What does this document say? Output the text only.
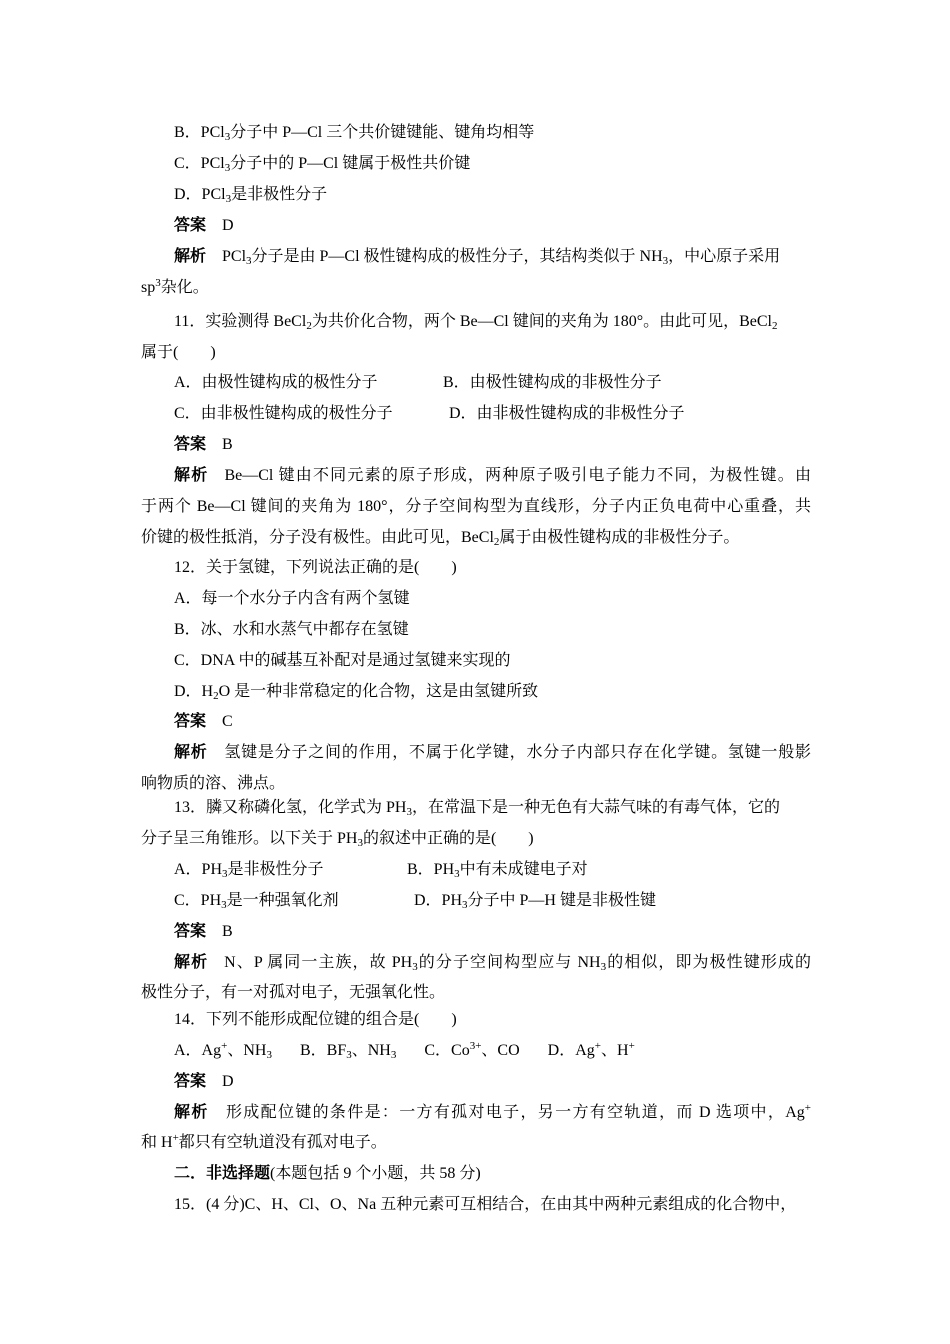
B．PCl$_3$分子中 P—Cl 三个共价键键能、键角均相等
C．PCl$_3$分子中的 P—Cl 键属于极性共价键
D．PCl$_3$是非极性分子
答案  D
解析  PCl$_3$分子是由 P—Cl 极性键构成的极性分子，其结构类似于 $NH_3$，中心原子采用
$sp^3$杂化。
11．实验测得 BeCl$_2$为共价化合物，两个 Be—Cl 键间的夹角为 180°。由此可见，BeCl$_2$
属于(　　)
A．由极性键构成的极性分子	B．由极性键构成的非极性分子
C．由非极性键构成的极性分子	D．由非极性键构成的非极性分子
答案  B
解析  Be—Cl 键由不同元素的原子形成，两种原子吸引电子能力不同，为极性键。由
于两个 Be—Cl 键间的夹角为 180°，分子空间构型为直线形，分子内正负电荷中心重叠，共
价键的极性抵消，分子没有极性。由此可见，BeCl$_2$属于由极性键构成的非极性分子。
12．关于氢键，下列说法正确的是(　　)
A．每一个水分子内含有两个氢键
B．冰、水和水蒸气中都存在氢键
C．DNA 中的碱基互补配对是通过氢键来实现的
D．$H_2O$ 是一种非常稳定的化合物，这是由氢键所致
答案  C
解析  氢键是分子之间的作用，不属于化学键，水分子内部只存在化学键。氢键一般影
响物质的溶、沸点。
13．膦又称磷化氢，化学式为 $PH_3$，在常温下是一种无色有大蒜气味的有毒气体，它的
分子呈三角锥形。以下关于 $PH_3$的叙述中正确的是(　　)
A．$PH_3$是非极性分子	B．$PH_3$中有未成键电子对
C．$PH_3$是一种强氧化剂	D．$PH_3$分子中 P—H 键是非极性键
答案  B
解析  N、P 属同一主族，故 $PH_3$的分子空间构型应与 $NH_3$的相似，即为极性键形成的
极性分子，有一对孤对电子，无强氧化性。
14．下列不能形成配位键的组合是(　　)
A．Ag+、$NH_3$   B．$BF_3$、$NH_3$   C．$Co^{3+}$、CO   D．Ag+、H+
答案  D
解析  形成配位键的条件是：一方有孤对电子，另一方有空轨道，而 D 选项中，Ag+
和 H+都只有空轨道没有孤对电子。
二．非选择题(本题包括 9 个小题，共 58 分)
15．(4 分)C、H、Cl、O、Na 五种元素可互相结合，在由其中两种元素组成的化合物中，
